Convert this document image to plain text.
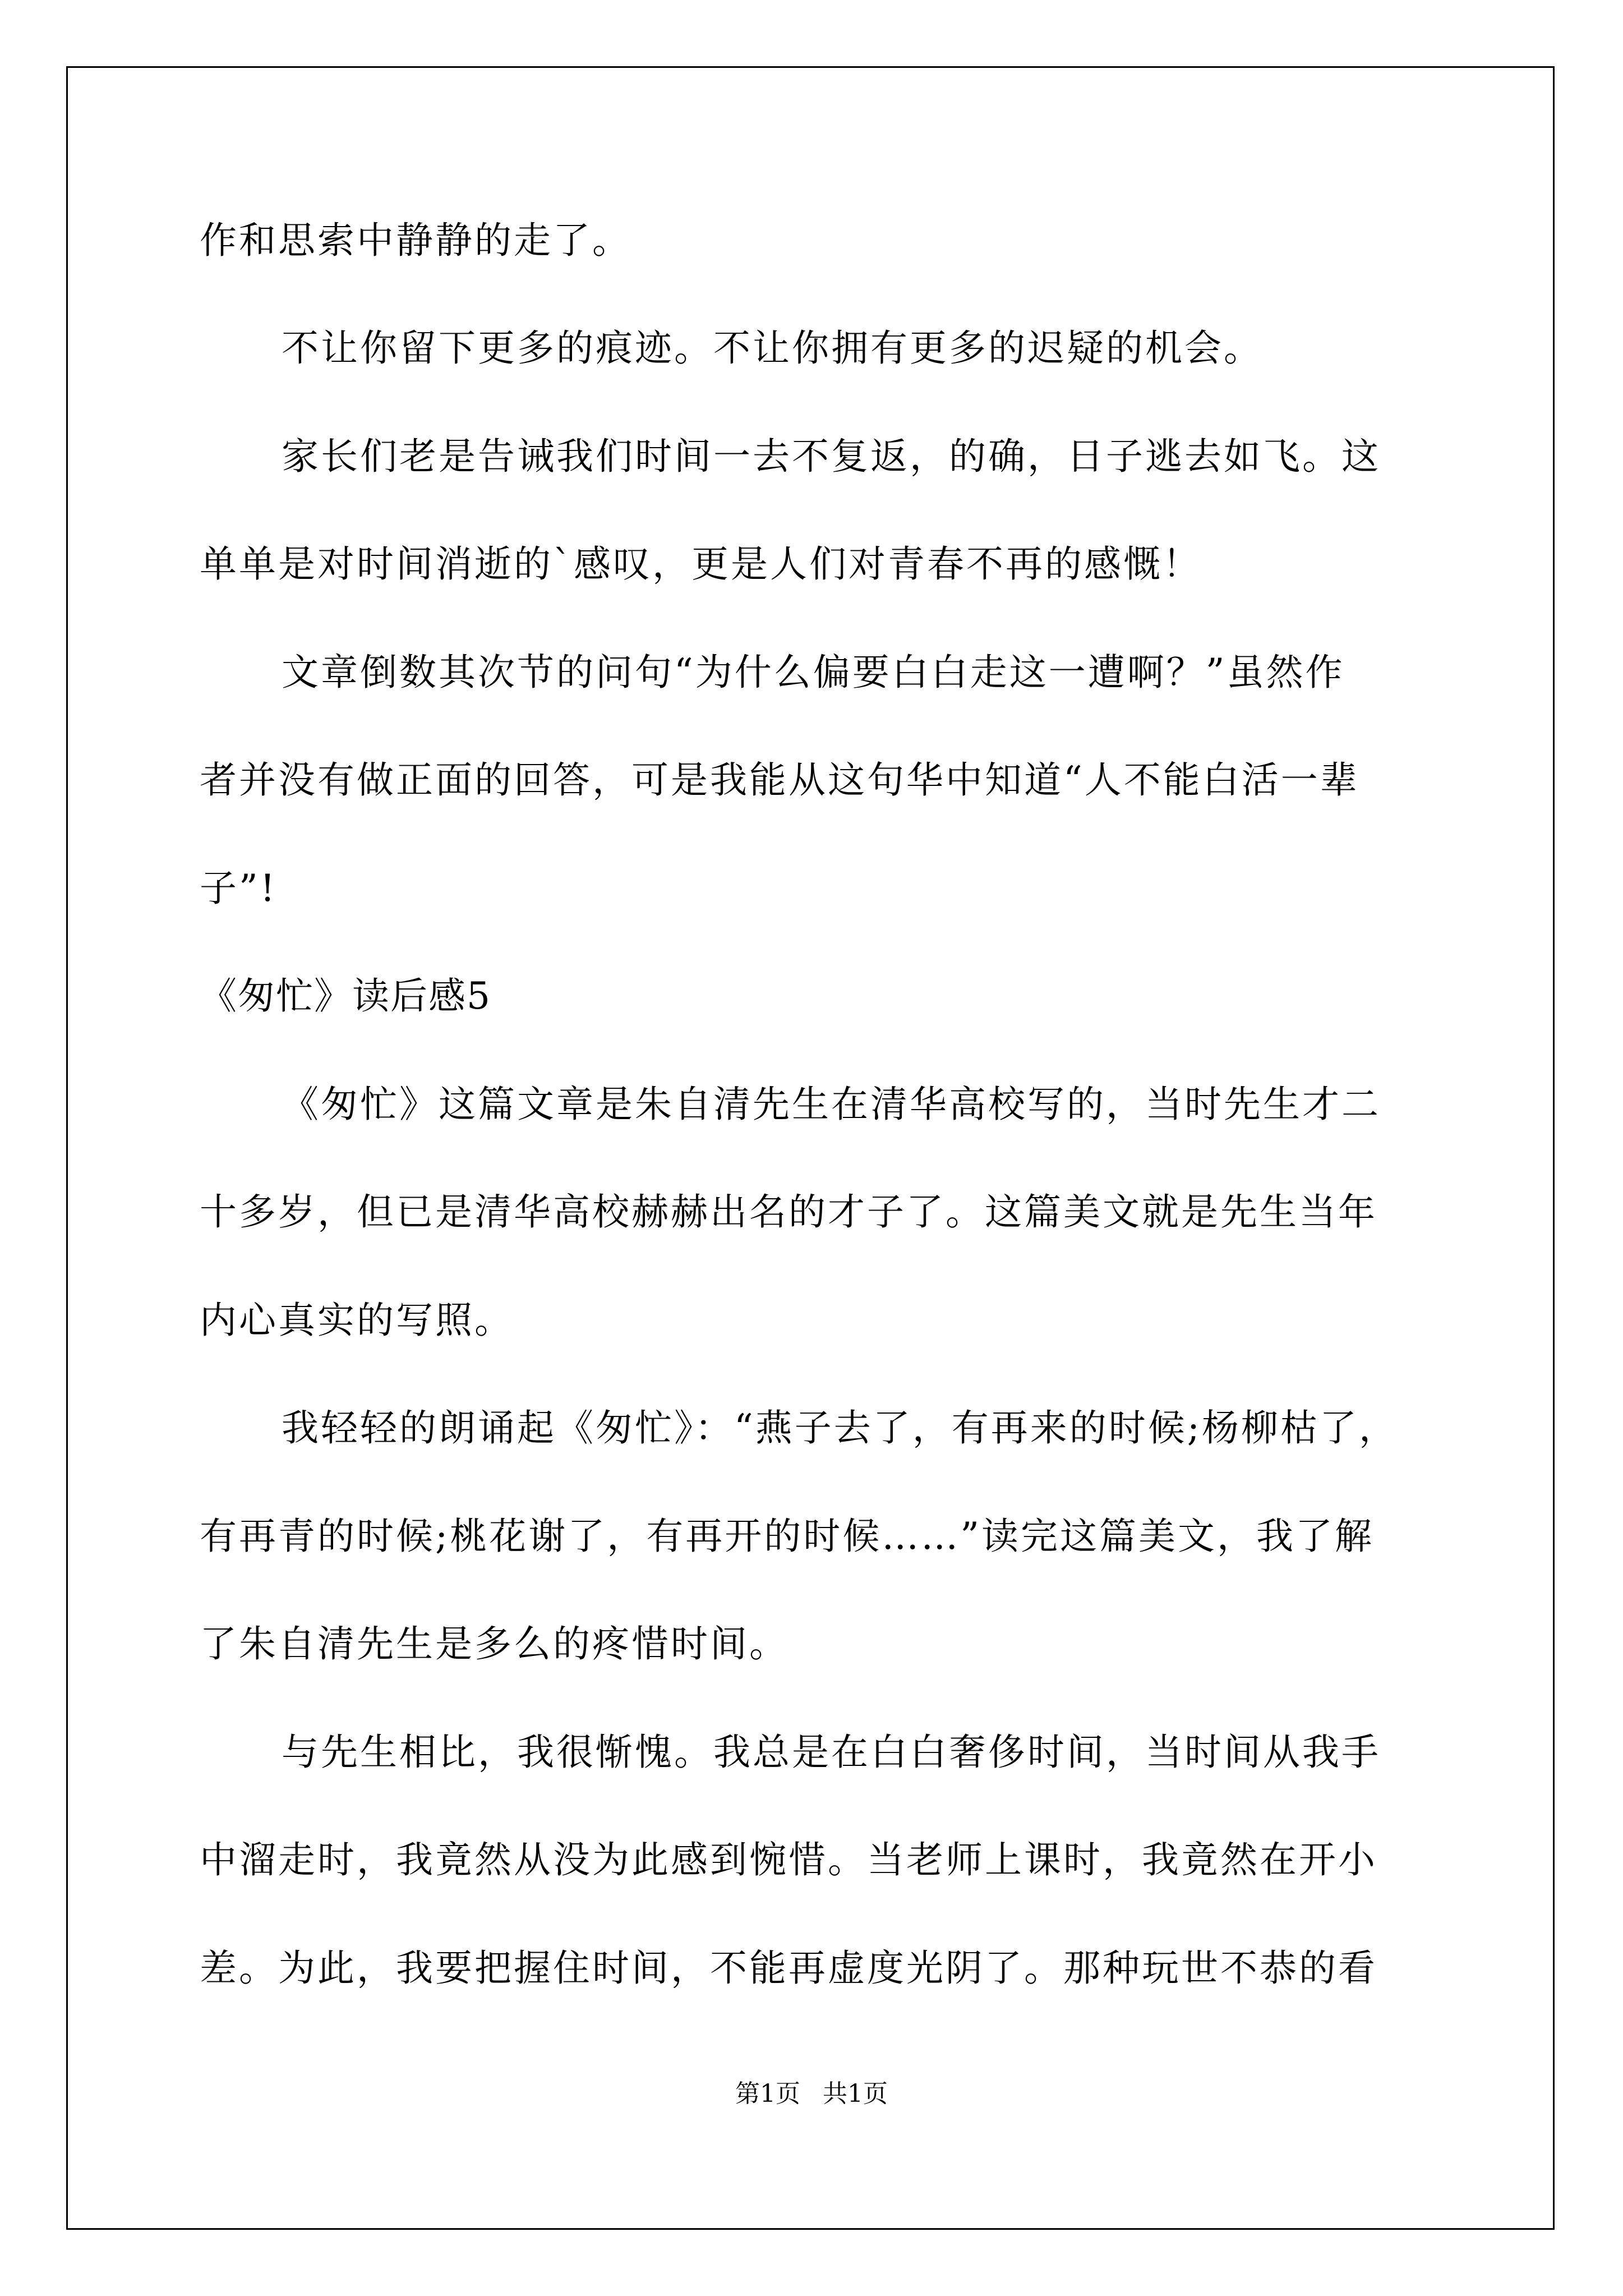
作和思索中静静的走了。
不让你留下更多的痕迹。不让你拥有更多的迟疑的机会。
家长们老是告诫我们时间一去不复返，的确，日子逃去如飞。这
单单是对时间消逝的`感叹，更是人们对青春不再的感慨！
文章倒数其次节的问句“为什么偏要白白走这一遭啊？”虽然作
者并没有做正面的回答，可是我能从这句华中知道“人不能白活一辈
子”!
《匆忙》读后感5
《匆忙》这篇文章是朱自清先生在清华高校写的，当时先生才二
十多岁，但已是清华高校赫赫出名的才子了。这篇美文就是先生当年
内心真实的写照。
我轻轻的朗诵起《匆忙》：“燕子去了，有再来的时候;杨柳枯了，
有再青的时候;桃花谢了，有再开的时候……”读完这篇美文，我了解
了朱自清先生是多么的疼惜时间。
与先生相比，我很惭愧。我总是在白白奢侈时间，当时间从我手
中溜走时，我竟然从没为此感到惋惜。当老师上课时，我竟然在开小
差。为此，我要把握住时间，不能再虚度光阴了。那种玩世不恭的看
第1页 共1页
